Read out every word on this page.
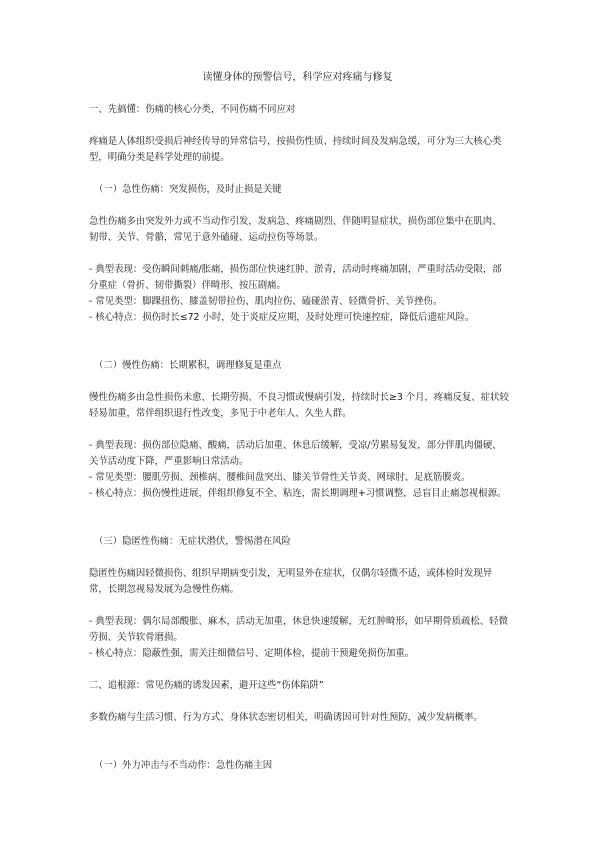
读懂身体的预警信号，科学应对疼痛与修复

一、先搞懂：伤痛的核心分类，不同伤痛不同应对

疼痛是人体组织受损后神经传导的异常信号，按损伤性质、持续时间及发病急缓，可分为三大核心类型，明确分类是科学处理的前提。

（一）急性伤痛：突发损伤，及时止损是关键

急性伤痛多由突发外力或不当动作引发，发病急、疼痛剧烈、伴随明显症状，损伤部位集中在肌肉、韧带、关节、骨骼，常见于意外磕碰、运动拉伤等场景。

- 典型表现：受伤瞬间刺痛/胀痛，损伤部位快速红肿、淤青，活动时疼痛加剧，严重时活动受限，部分重症（骨折、韧带撕裂）伴畸形、按压剧痛。

- 常见类型：脚踝扭伤、膝盖韧带拉伤、肌肉拉伤、磕碰淤青、轻微骨折、关节挫伤。

- 核心特点：损伤时长≤72 小时，处于炎症反应期，及时处理可快速控症，降低后遗症风险。

（二）慢性伤痛：长期累积，调理修复是重点

慢性伤痛多由急性损伤未愈、长期劳损、不良习惯或慢病引发，持续时长≥3 个月，疼痛反复、症状较轻易加重，常伴组织退行性改变，多见于中老年人、久坐人群。

- 典型表现：损伤部位隐痛、酸痛，活动后加重、休息后缓解，受凉/劳累易复发，部分伴肌肉僵硬、关节活动度下降，严重影响日常活动。

- 常见类型：腰肌劳损、颈椎病、腰椎间盘突出、膝关节骨性关节炎、网球肘、足底筋膜炎。

- 核心特点：损伤慢性进展，伴组织修复不全、粘连，需长期调理+习惯调整，忌盲目止痛忽视根源。

（三）隐匿性伤痛：无症状潜伏，警惕潜在风险

隐匿性伤痛因轻微损伤、组织早期病变引发，无明显外在症状，仅偶尔轻微不适，或体检时发现异常，长期忽视易发展为急慢性伤痛。

- 典型表现：偶尔局部酸胀、麻木，活动无加重，休息快速缓解，无红肿畸形，如早期骨质疏松、轻微劳损、关节软骨磨损。

- 核心特点：隐蔽性强，需关注细微信号、定期体检，提前干预避免损伤加重。

二、追根源：常见伤痛的诱发因素，避开这些“伤体陷阱”

多数伤痛与生活习惯、行为方式、身体状态密切相关，明确诱因可针对性预防，减少发病概率。

（一）外力冲击与不当动作：急性伤痛主因
